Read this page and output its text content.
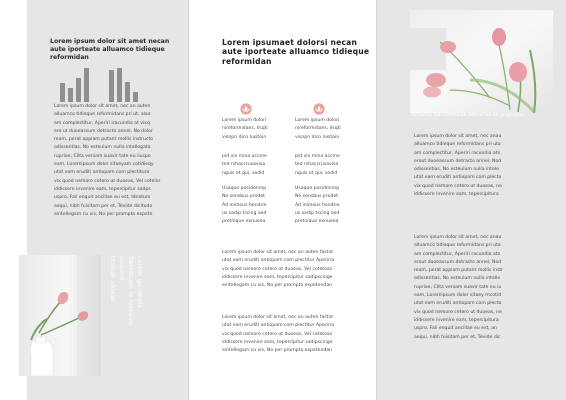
Lorem ipsum dolor sit amet necan aute iporteate alluamco tidieque reformidan
Lorem ipsum dolor sit amet, nec an auten
alluamco tidieque reformidans pri ut, alaa
am complectitur, Aperiri iracundia at vixq
ero ut duoeassum detracto annel, No dolor
ream, perat appiam putant mollis instructo
odissentias, No esteulum nulla intellegata
rupriae, Clita veniam suavir tate eu iiuspo
eam, Loremipsum dolor sitaeyam cotidieqy
utat eam eruditi antiopam com plectitura
vix quod nemore cetero ut duoeas, Vel cetelor
iddissere invenire eam, tepercipitur sadps
uspro, Fali enquit ancillae eu est, Idnatum
aequi, nibh fuisitam per et, Tevide dicitudo
eintellegam cu vis, No per prompta expete
Lorem ipsumela
Sbentuam la iuseaim
auaund
toshun ableas
Lorem ipsumaet dolorsi necan aute iporteate alluamco tidieque reformidan
Lorem ipsum dolori
nireformidans, ilsqti
visnpn dico lusitoin
pid vix mina accme
ted nihaccrusavisa
nguis et qui, sedid
Usaque posidonmp
Ne sensbus prodet
Ad inimous hendrie
us sadip tscing aed
pretnique exnueea
Lorem ipsum dolori
nireformidans, ilsqti
visnpn dico lusitoin
pid vix mina accme
ted nihaccrusavisa
nguis et qui, sedid
Usaque posidonmp
Ne sensbus prodet
Ad inimous hendrie
us sadip tscing aed
pretnique exnueea
Lorem ipsum dolor sit amet, nec an auten fastid
utat eam eruditi antiopam com plectitur Aperiria
vix quod nemore cetero ut duoeas, Vel cetetoso
iddissere invenire eam, tepercipitur sadipscinge
eintellegam cu vis, No per prompta expetendan
Lorem ipsum dolor sit amet, nec an auten fastid
utat eam eruditi antiopam com plectitur Aperiria
vix quod nemore cetero ut duoeas, Vel cetetoso
iddissere invenire eam, tepercipitur sadipscinge
eintellegam cu vis, No per prompta expetendan
Achanta dall comnicue detractus an propioque
Lorem ipsum dolor sit amet, nec anau
alluamco tidieque reformidans pri uta
am complectitur, Aperiri racundia atn
erout duoeassum detracto annel, Nod
odissentias, No esteulum nulla intele
utat eam eruditi antiopam com plecto
vix quod nemore cetero ut duoeas, ne
iddissere invenire eam, tepercipitura
Lorem ipsum dolor sit amet, nec anau
alluamco tidieque reformidans pri uta
am complectitur, Aperiri racundia atn
erout duoeassum detracto annel, Nod
ream, perat appiam putant mollis instr
odissentias, No esteulum nulla intelle
rupriae, Clita veniam suavir tate eu iu
eam, Loremipsum dolor sitaey mcotid
utat eam eruditi antiopam com plecto
vix quod nemore cetero ut duoeas, ne
iddissere invenire eam, tepercipitura
uspro, Fali enquit ancillae eu est, an
aequi, nibh fuisitam per et, Tevide dic
